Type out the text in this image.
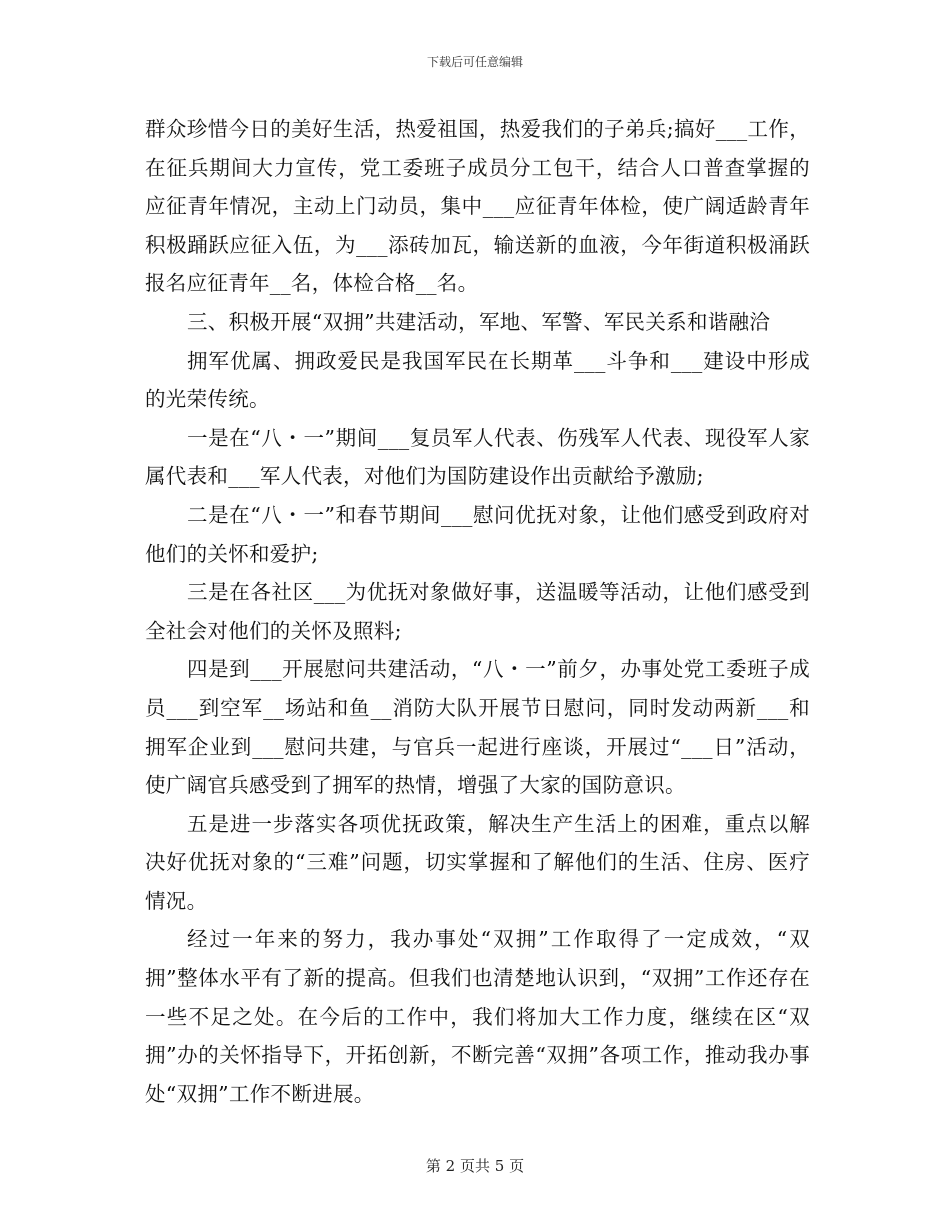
下载后可任意编辑

群众珍惜今日的美好生活，热爱祖国，热爱我们的子弟兵;搞好___工作，在征兵期间大力宣传，党工委班子成员分工包干，结合人口普查掌握的应征青年情况，主动上门动员，集中___应征青年体检，使广阔适龄青年积极踊跃应征入伍，为___添砖加瓦，输送新的血液，今年街道积极涌跃报名应征青年__名，体检合格__名。

三、积极开展“双拥”共建活动，军地、军警、军民关系和谐融洽

拥军优属、拥政爱民是我国军民在长期革___斗争和___建设中形成的光荣传统。

一是在“八・一”期间___复员军人代表、伤残军人代表、现役军人家属代表和___军人代表，对他们为国防建设作出贡献给予激励;

二是在“八・一”和春节期间___慰问优抚对象，让他们感受到政府对他们的关怀和爱护;

三是在各社区___为优抚对象做好事，送温暖等活动，让他们感受到全社会对他们的关怀及照料;

四是到___开展慰问共建活动，“八・一”前夕，办事处党工委班子成员___到空军__场站和鱼__消防大队开展节日慰问，同时发动两新___和拥军企业到___慰问共建，与官兵一起进行座谈，开展过“___日”活动，使广阔官兵感受到了拥军的热情，增强了大家的国防意识。

五是进一步落实各项优抚政策，解决生产生活上的困难，重点以解决好优抚对象的“三难”问题，切实掌握和了解他们的生活、住房、医疗情况。

经过一年来的努力，我办事处“双拥”工作取得了一定成效，“双拥”整体水平有了新的提高。但我们也清楚地认识到，“双拥”工作还存在一些不足之处。在今后的工作中，我们将加大工作力度，继续在区“双拥”办的关怀指导下，开拓创新，不断完善“双拥”各项工作，推动我办事处“双拥”工作不断进展。

第 2 页共 5 页
